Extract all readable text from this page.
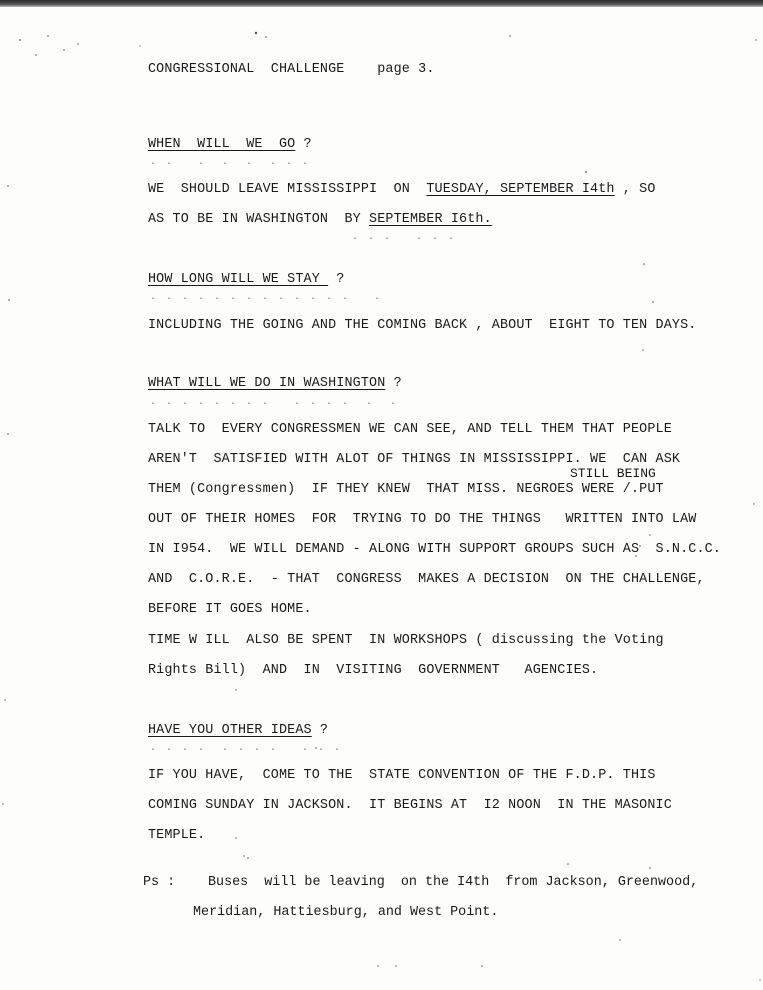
CONGRESSIONAL  CHALLENGE page 3.
WHEN  WILL  WE  GO ?
. .   .  .  .  . . .
WE  SHOULD LEAVE MISSISSIPPI  ON  TUESDAY, SEPTEMBER I4th , SO
AS TO BE IN WASHINGTON  BY SEPTEMBER I6th.
. . .   . . .
HOW LONG WILL WE STAY  ?
. . . . . . . . . . . . .   .
INCLUDING THE GOING AND THE COMING BACK , ABOUT  EIGHT TO TEN DAYS.
WHAT WILL WE DO IN WASHINGTON ?
. . . . . . . .   . . . .  .  .
TALK TO  EVERY CONGRESSMEN WE CAN SEE, AND TELL THEM THAT PEOPLE
AREN'T  SATISFIED WITH ALOT OF THINGS IN MISSISSIPPI. WE  CAN ASK
STILL BEING
THEM (Congressmen)  IF THEY KNEW  THAT MISS. NEGROES WERE /.PUT
OUT OF THEIR HOMES  FOR  TRYING TO DO THE THINGS   WRITTEN INTO LAW
IN I954.  WE WILL DEMAND - ALONG WITH SUPPORT GROUPS SUCH AS  S.N.C.C.
AND  C.O.R.E.  - THAT  CONGRESS  MAKES A DECISION  ON THE CHALLENGE,
BEFORE IT GOES HOME.
TIME W ILL  ALSO BE SPENT  IN WORKSHOPS ( discussing the Voting
Rights Bill)  AND  IN  VISITING  GOVERNMENT   AGENCIES.
HAVE YOU OTHER IDEAS ?
. . . .  . . . .   . . .
IF YOU HAVE,  COME TO THE  STATE CONVENTION OF THE F.D.P. THIS
COMING SUNDAY IN JACKSON.  IT BEGINS AT  I2 NOON  IN THE MASONIC
TEMPLE.
Ps : Buses  will be leaving  on the I4th  from Jackson, Greenwood,
Meridian, Hattiesburg, and West Point.
